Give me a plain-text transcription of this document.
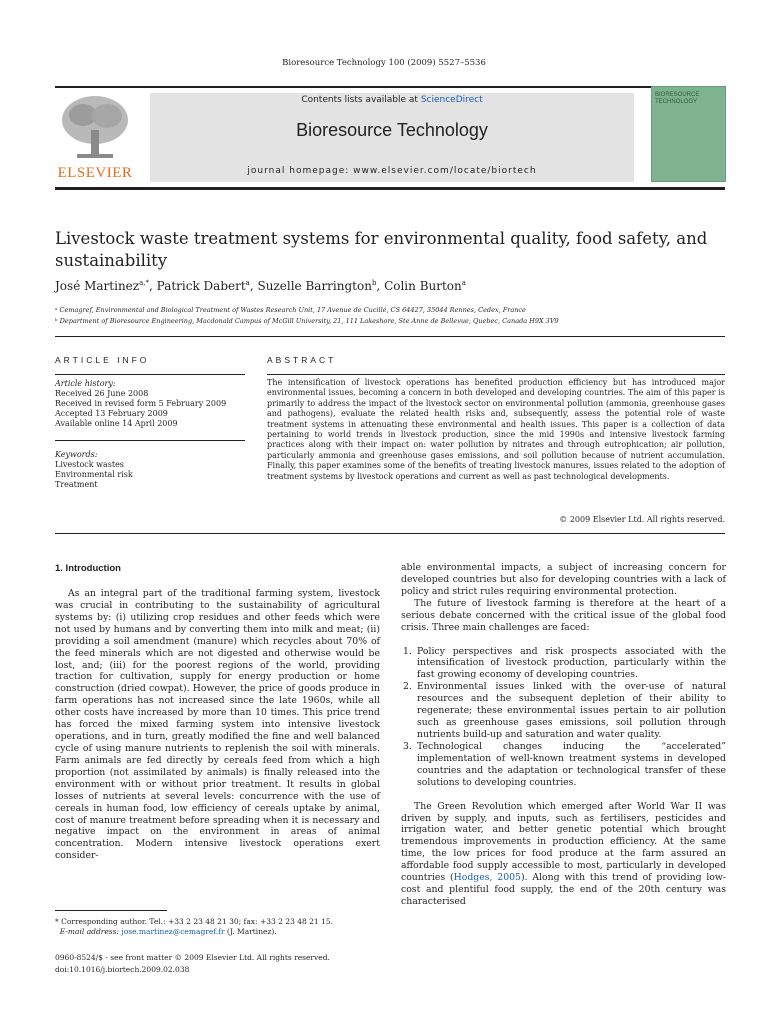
Bioresource Technology 100 (2009) 5527–5536
ELSEVIER
Contents lists available at ScienceDirect
Bioresource Technology
journal homepage: www.elsevier.com/locate/biortech
BIORESOURCE TECHNOLOGY
Livestock waste treatment systems for environmental quality, food safety, and sustainability
José Martinez$^{a,*}$, Patrick Dabert$^a$, Suzelle Barrington$^b$, Colin Burton$^a$
ᵃ Cemagref, Environmental and Biological Treatment of Wastes Research Unit, 17 Avenue de Cucillé, CS 64427, 35044 Rennes, Cedex, France
ᵇ Department of Bioresource Engineering, Macdonald Campus of McGill University, 21, 111 Lakeshore, Ste Anne de Bellevue, Quebec, Canada H9X 3V9
ARTICLE INFO
Article history:
Received 26 June 2008
Received in revised form 5 February 2009
Accepted 13 February 2009
Available online 14 April 2009
Keywords:
Livestock wastes
Environmental risk
Treatment
ABSTRACT
The intensification of livestock operations has benefited production efficiency but has introduced major environmental issues, becoming a concern in both developed and developing countries. The aim of this paper is primarily to address the impact of the livestock sector on environmental pollution (ammonia, greenhouse gases and pathogens), evaluate the related health risks and, subsequently, assess the potential role of waste treatment systems in attenuating these environmental and health issues. This paper is a collection of data pertaining to world trends in livestock production, since the mid 1990s and intensive livestock farming practices along with their impact on: water pollution by nitrates and through eutrophication; air pollution, particularly ammonia and greenhouse gases emissions, and soil pollution because of nutrient accumulation. Finally, this paper examines some of the benefits of treating livestock manures, issues related to the adoption of treatment systems by livestock operations and current as well as past technological developments.
© 2009 Elsevier Ltd. All rights reserved.
1. Introduction

As an integral part of the traditional farming system, livestock was crucial in contributing to the sustainability of agricultural systems by: (i) utilizing crop residues and other feeds which were not used by humans and by converting them into milk and meat; (ii) providing a soil amendment (manure) which recycles about 70% of the feed minerals which are not digested and otherwise would be lost, and; (iii) for the poorest regions of the world, providing traction for cultivation, supply for energy production or home construction (dried cowpat). However, the price of goods produce in farm operations has not increased since the late 1960s, while all other costs have increased by more than 10 times. This price trend has forced the mixed farming system into intensive livestock operations, and in turn, greatly modified the fine and well balanced cycle of using manure nutrients to replenish the soil with minerals. Farm animals are fed directly by cereals feed from which a high proportion (not assimilated by animals) is finally released into the environment with or without prior treatment. It results in global losses of nutrients at several levels: concurrence with the use of cereals in human food, low efficiency of cereals uptake by animal, cost of manure treatment before spreading when it is necessary and negative impact on the environment in areas of animal concentration. Modern intensive livestock operations exert consider-

able environmental impacts, a subject of increasing concern for developed countries but also for developing countries with a lack of policy and strict rules requiring environmental protection.

The future of livestock farming is therefore at the heart of a serious debate concerned with the critical issue of the global food crisis. Three main challenges are faced:

1. Policy perspectives and risk prospects associated with the intensification of livestock production, particularly within the fast growing economy of developing countries.
2. Environmental issues linked with the over-use of natural resources and the subsequent depletion of their ability to regenerate; these environmental issues pertain to air pollution such as greenhouse gases emissions, soil pollution through nutrients build-up and saturation and water quality.
3. Technological changes inducing the “accelerated” implementation of well-known treatment systems in developed countries and the adaptation or technological transfer of these solutions to developing countries.

The Green Revolution which emerged after World War II was driven by supply, and inputs, such as fertilisers, pesticides and irrigation water, and better genetic potential which brought tremendous improvements in production efficiency. At the same time, the low prices for food produce at the farm assured an affordable food supply accessible to most, particularly in developed countries (Hodges, 2005). Along with this trend of providing low-cost and plentiful food supply, the end of the 20th century was characterised

* Corresponding author. Tel.: +33 2 23 48 21 30; fax: +33 2 23 48 21 15.
E-mail address: jose.martinez@cemagref.fr (J. Martinez).
0960-8524/$ - see front matter © 2009 Elsevier Ltd. All rights reserved.
doi:10.1016/j.biortech.2009.02.038
